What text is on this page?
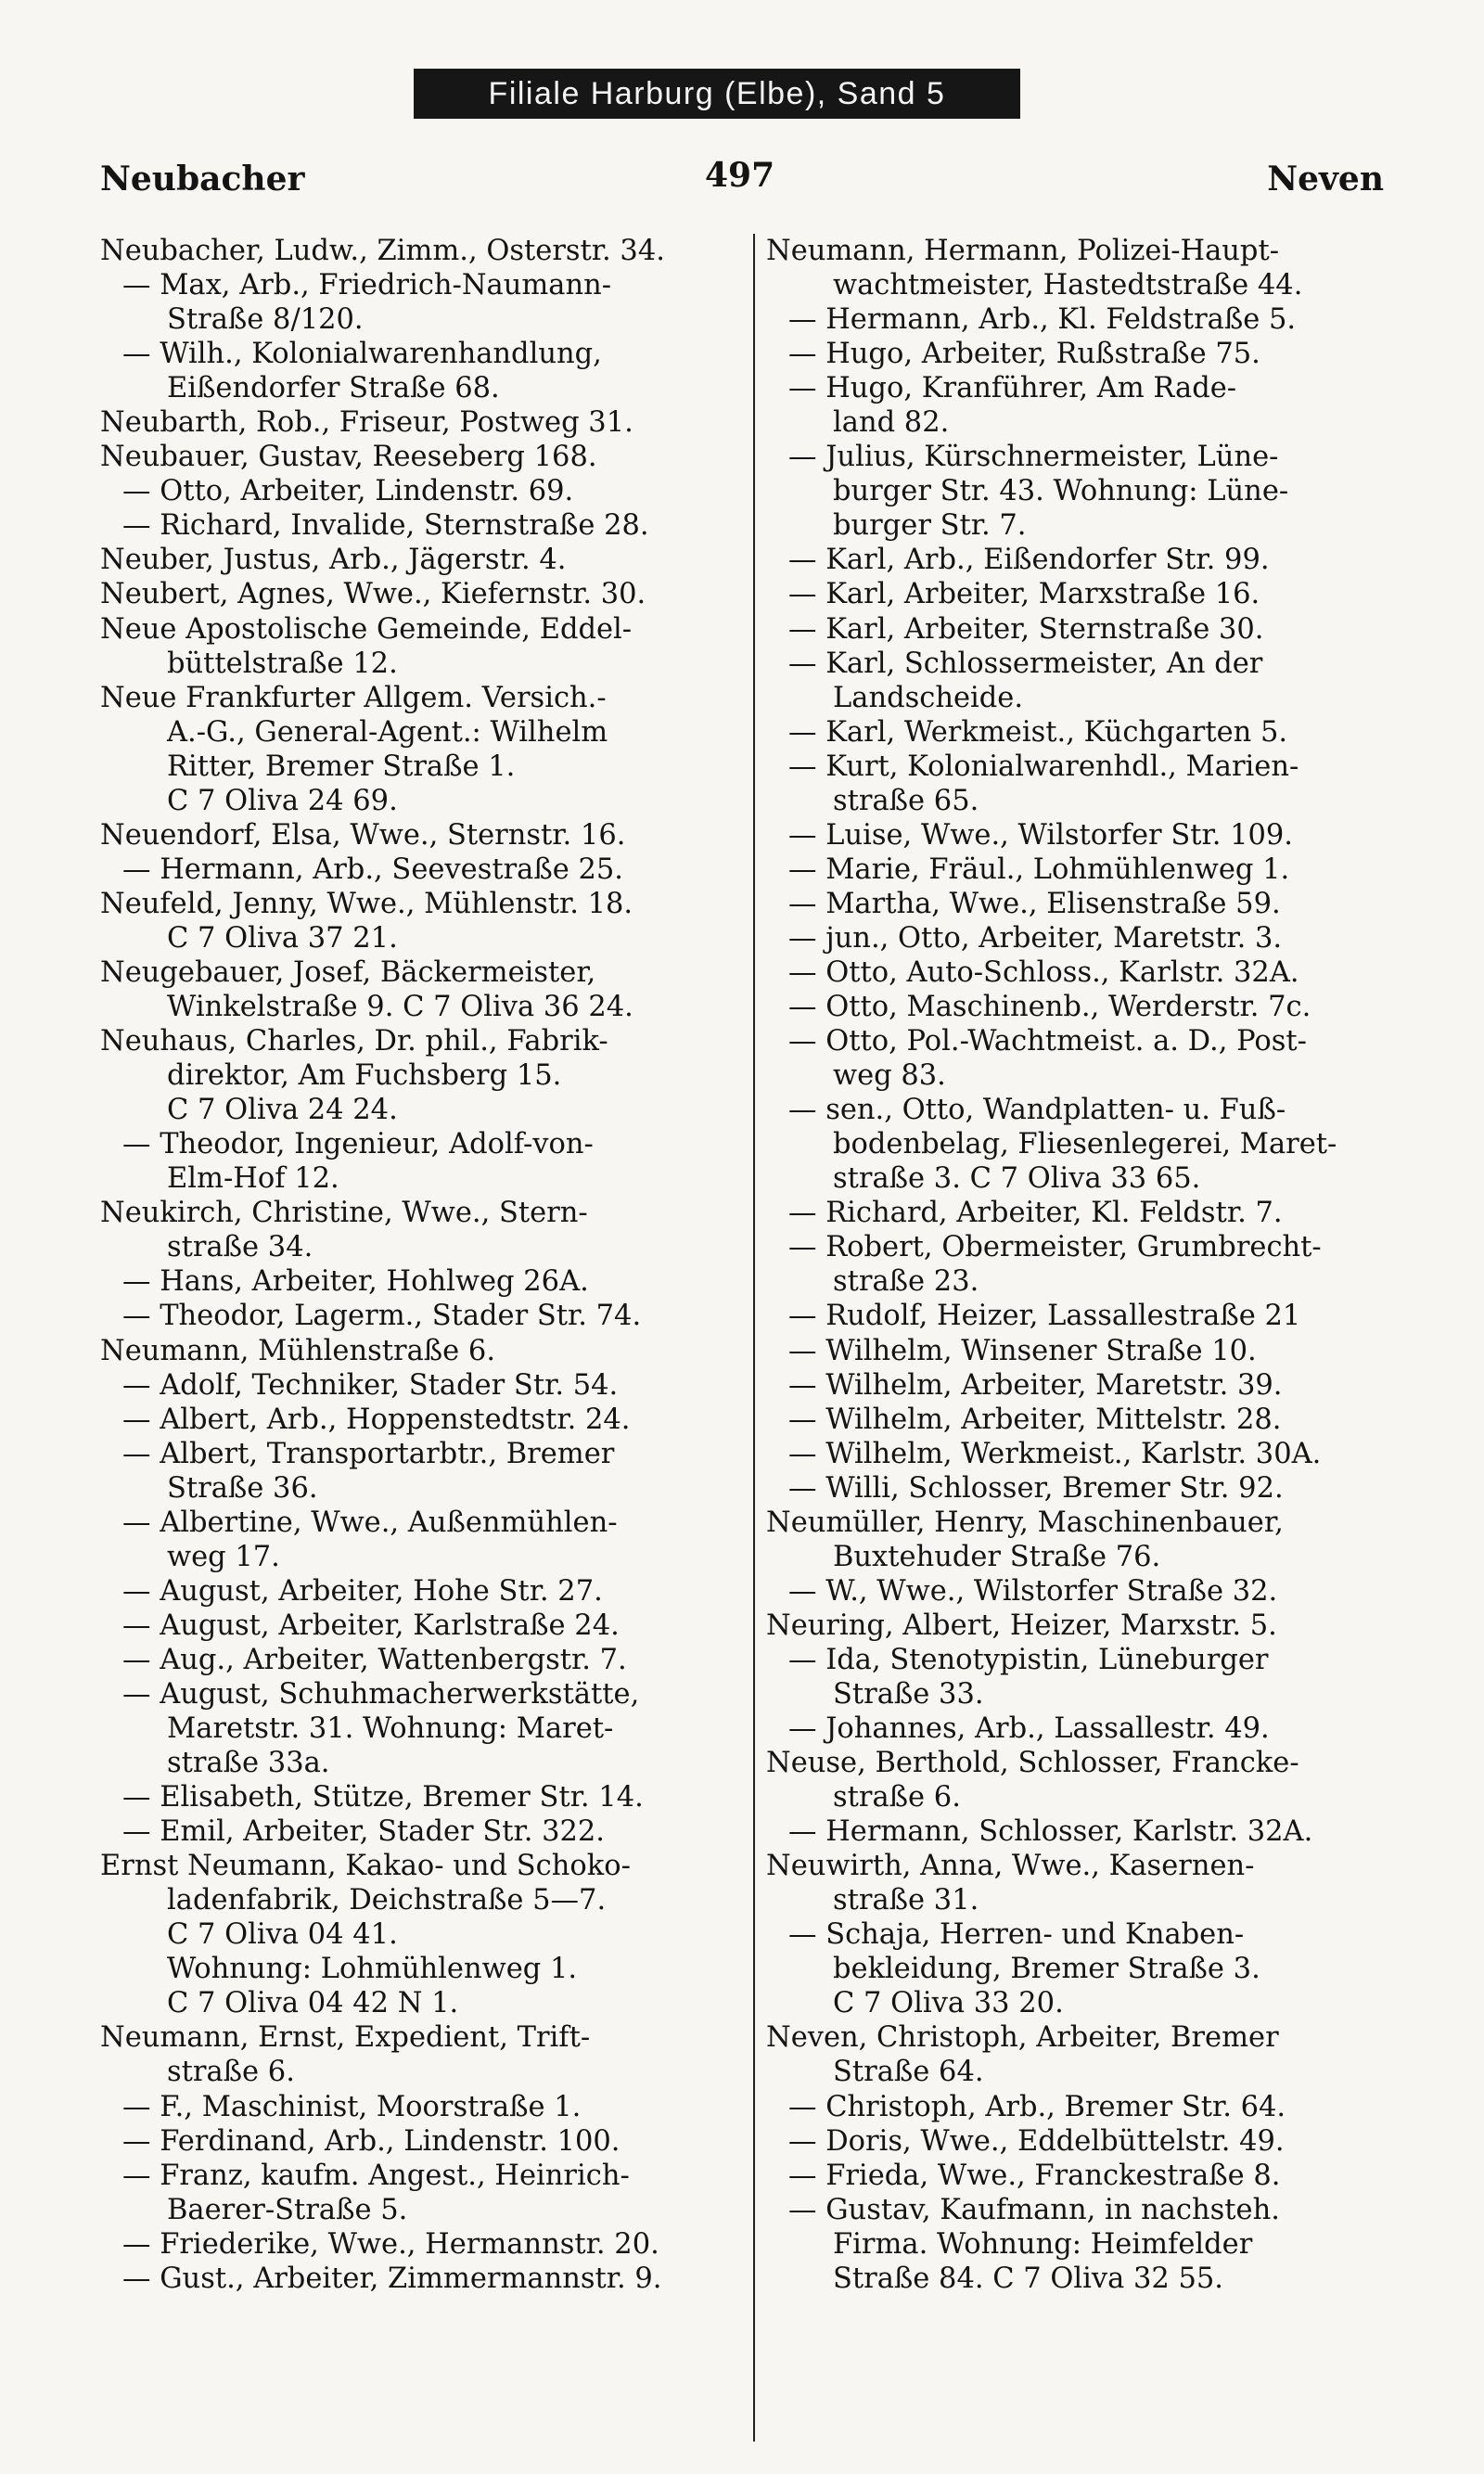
Filiale Harburg (Elbe), Sand 5
Neubacher	497	Neven
Neubacher, Ludw., Zimm., Osterstr. 34.
— Max, Arb., Friedrich-Naumann-
Straße 8/120.
— Wilh., Kolonialwarenhandlung,
Eißendorfer Straße 68.
Neubarth, Rob., Friseur, Postweg 31.
Neubauer, Gustav, Reeseberg 168.
— Otto, Arbeiter, Lindenstr. 69.
— Richard, Invalide, Sternstraße 28.
Neuber, Justus, Arb., Jägerstr. 4.
Neubert, Agnes, Wwe., Kiefernstr. 30.
Neue Apostolische Gemeinde, Eddel-
büttelstraße 12.
Neue Frankfurter Allgem. Versich.-
A.-G., General-Agent.: Wilhelm
Ritter, Bremer Straße 1.
C 7 Oliva 24 69.
Neuendorf, Elsa, Wwe., Sternstr. 16.
— Hermann, Arb., Seevestraße 25.
Neufeld, Jenny, Wwe., Mühlenstr. 18.
C 7 Oliva 37 21.
Neugebauer, Josef, Bäckermeister,
Winkelstraße 9. C 7 Oliva 36 24.
Neuhaus, Charles, Dr. phil., Fabrik-
direktor, Am Fuchsberg 15.
C 7 Oliva 24 24.
— Theodor, Ingenieur, Adolf-von-
Elm-Hof 12.
Neukirch, Christine, Wwe., Stern-
straße 34.
— Hans, Arbeiter, Hohlweg 26A.
— Theodor, Lagerm., Stader Str. 74.
Neumann, Mühlenstraße 6.
— Adolf, Techniker, Stader Str. 54.
— Albert, Arb., Hoppenstedtstr. 24.
— Albert, Transportarbtr., Bremer
Straße 36.
— Albertine, Wwe., Außenmühlen-
weg 17.
— August, Arbeiter, Hohe Str. 27.
— August, Arbeiter, Karlstraße 24.
— Aug., Arbeiter, Wattenbergstr. 7.
— August, Schuhmacherwerkstätte,
Maretstr. 31. Wohnung: Maret-
straße 33a.
— Elisabeth, Stütze, Bremer Str. 14.
— Emil, Arbeiter, Stader Str. 322.
Ernst Neumann, Kakao- und Schoko-
ladenfabrik, Deichstraße 5—7.
C 7 Oliva 04 41.
Wohnung: Lohmühlenweg 1.
C 7 Oliva 04 42 N 1.
Neumann, Ernst, Expedient, Trift-
straße 6.
— F., Maschinist, Moorstraße 1.
— Ferdinand, Arb., Lindenstr. 100.
— Franz, kaufm. Angest., Heinrich-
Baerer-Straße 5.
— Friederike, Wwe., Hermannstr. 20.
— Gust., Arbeiter, Zimmermannstr. 9.
Neumann, Hermann, Polizei-Haupt-
wachtmeister, Hastedtstraße 44.
— Hermann, Arb., Kl. Feldstraße 5.
— Hugo, Arbeiter, Rußstraße 75.
— Hugo, Kranführer, Am Rade-
land 82.
— Julius, Kürschnermeister, Lüne-
burger Str. 43. Wohnung: Lüne-
burger Str. 7.
— Karl, Arb., Eißendorfer Str. 99.
— Karl, Arbeiter, Marxstraße 16.
— Karl, Arbeiter, Sternstraße 30.
— Karl, Schlossermeister, An der
Landscheide.
— Karl, Werkmeist., Küchgarten 5.
— Kurt, Kolonialwarenhdl., Marien-
straße 65.
— Luise, Wwe., Wilstorfer Str. 109.
— Marie, Fräul., Lohmühlenweg 1.
— Martha, Wwe., Elisenstraße 59.
— jun., Otto, Arbeiter, Maretstr. 3.
— Otto, Auto-Schloss., Karlstr. 32A.
— Otto, Maschinenb., Werderstr. 7c.
— Otto, Pol.-Wachtmeist. a. D., Post-
weg 83.
— sen., Otto, Wandplatten- u. Fuß-
bodenbelag, Fliesenlegerei, Maret-
straße 3. C 7 Oliva 33 65.
— Richard, Arbeiter, Kl. Feldstr. 7.
— Robert, Obermeister, Grumbrecht-
straße 23.
— Rudolf, Heizer, Lassallestraße 21
— Wilhelm, Winsener Straße 10.
— Wilhelm, Arbeiter, Maretstr. 39.
— Wilhelm, Arbeiter, Mittelstr. 28.
— Wilhelm, Werkmeist., Karlstr. 30A.
— Willi, Schlosser, Bremer Str. 92.
Neumüller, Henry, Maschinenbauer,
Buxtehuder Straße 76.
— W., Wwe., Wilstorfer Straße 32.
Neuring, Albert, Heizer, Marxstr. 5.
— Ida, Stenotypistin, Lüneburger
Straße 33.
— Johannes, Arb., Lassallestr. 49.
Neuse, Berthold, Schlosser, Francke-
straße 6.
— Hermann, Schlosser, Karlstr. 32A.
Neuwirth, Anna, Wwe., Kasernen-
straße 31.
— Schaja, Herren- und Knaben-
bekleidung, Bremer Straße 3.
C 7 Oliva 33 20.
Neven, Christoph, Arbeiter, Bremer
Straße 64.
— Christoph, Arb., Bremer Str. 64.
— Doris, Wwe., Eddelbüttelstr. 49.
— Frieda, Wwe., Franckestraße 8.
— Gustav, Kaufmann, in nachsteh.
Firma. Wohnung: Heimfelder
Straße 84. C 7 Oliva 32 55.
